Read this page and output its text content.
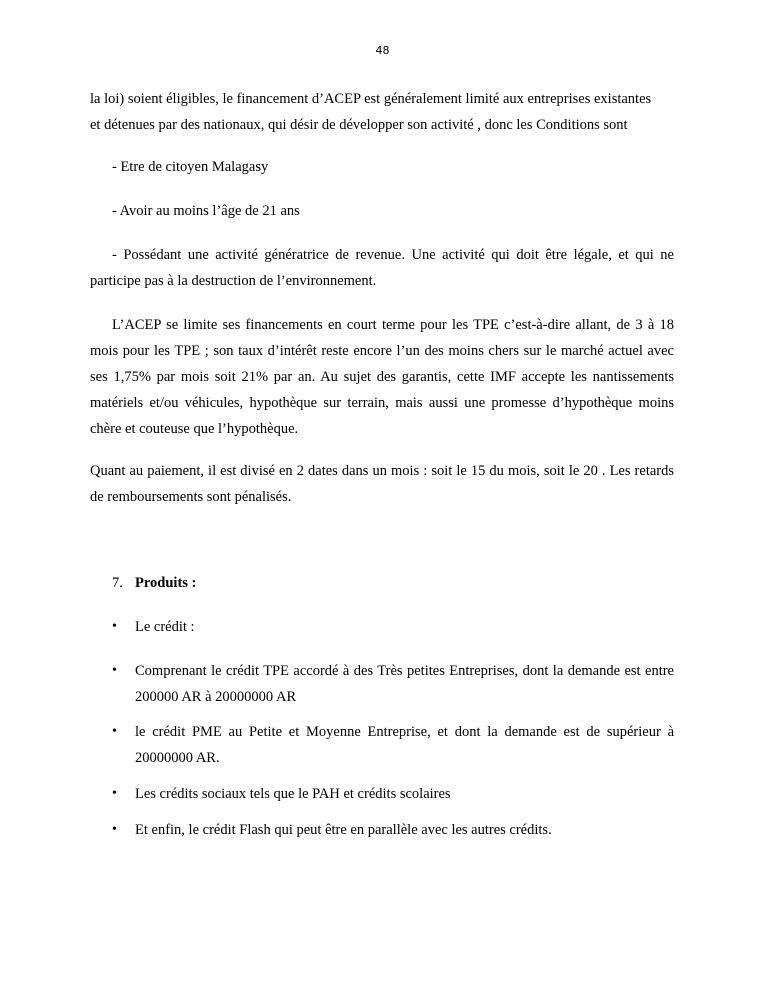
48

la loi) soient éligibles, le financement d’ACEP est généralement limité aux entreprises existantes

et détenues par des nationaux, qui désir de développer son activité , donc les Conditions sont

- Etre de citoyen Malagasy

- Avoir au moins l’âge de 21 ans

- Possédant une activité génératrice de revenue. Une activité qui doit être légale, et qui ne participe pas à la destruction de l’environnement.

L’ACEP se limite ses financements en court terme pour les TPE c’est-à-dire allant, de 3 à 18 mois pour les TPE ; son taux d’intérêt reste encore l’un des moins chers sur le marché actuel avec ses 1,75% par mois soit 21% par an. Au sujet des garantis, cette IMF accepte les nantissements matériels et/ou véhicules, hypothèque sur terrain, mais aussi une promesse d’hypothèque moins chère et couteuse que l’hypothèque.

Quant au paiement, il est divisé en 2 dates dans un mois : soit le 15 du mois, soit le 20 . Les retards de remboursements sont pénalisés.

7. Produits :
•	Le crédit :
•	Comprenant le crédit TPE accordé à des Très petites Entreprises, dont la demande est entre 200000 AR à 20000000 AR
•	le crédit PME au Petite et Moyenne Entreprise, et dont la demande est de supérieur à 20000000 AR.
•	Les crédits sociaux tels que le PAH et crédits scolaires
•	Et enfin, le crédit Flash qui peut être en parallèle avec les autres crédits.
